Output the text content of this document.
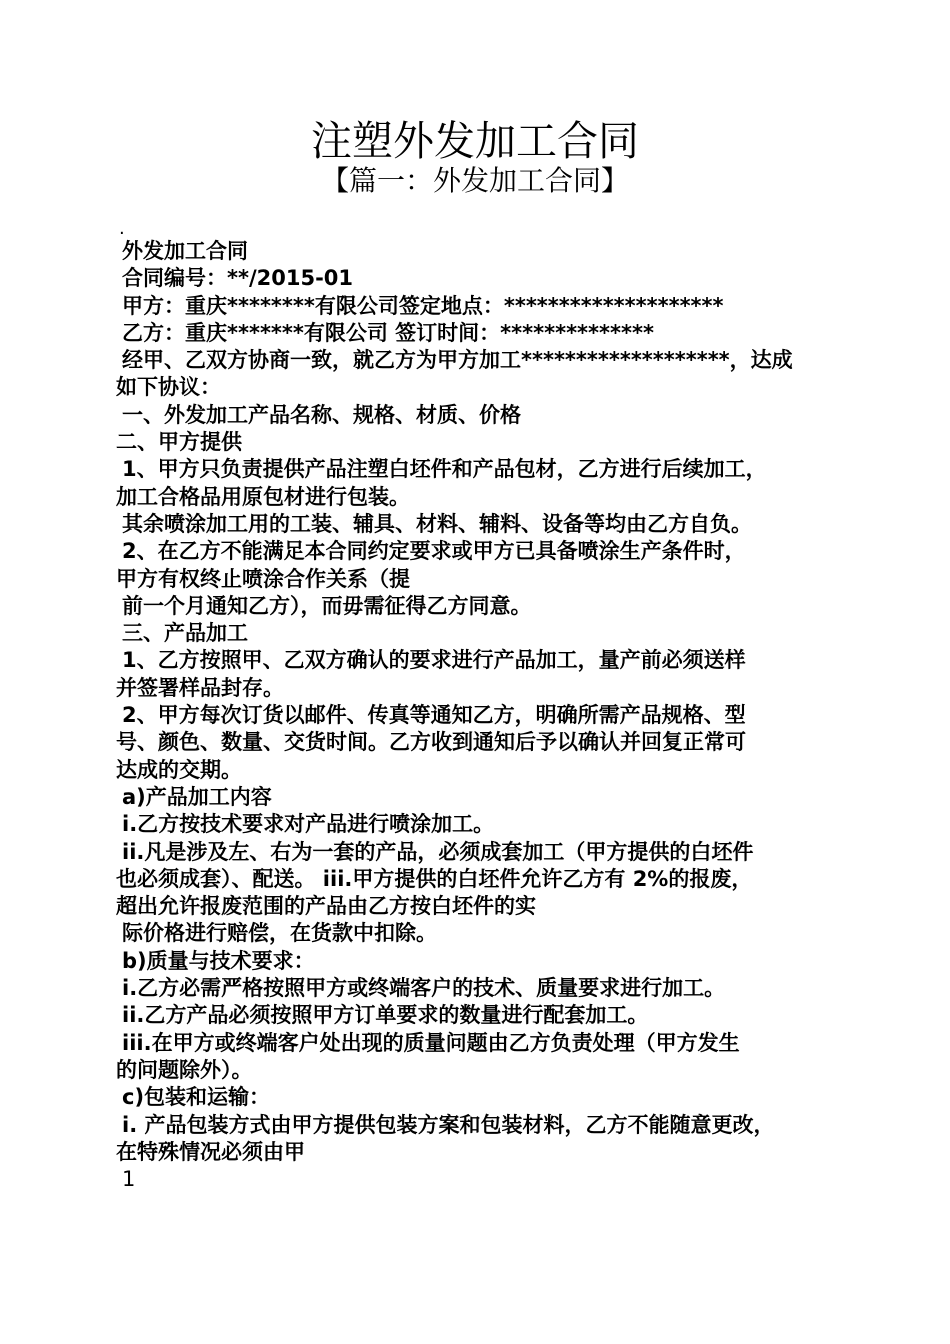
注塑外发加工合同
【篇一：外发加工合同】
.
外发加工合同
合同编号：**/2015-01
甲方：重庆********有限公司签定地点：********************
乙方：重庆*******有限公司 签订时间：**************
经甲、乙双方协商一致，就乙方为甲方加工*******************，达成
如下协议：
一、外发加工产品名称、规格、材质、价格
二、甲方提供
1、甲方只负责提供产品注塑白坯件和产品包材，乙方进行后续加工，
加工合格品用原包材进行包装。
其余喷涂加工用的工装、辅具、材料、辅料、设备等均由乙方自负。
2、在乙方不能满足本合同约定要求或甲方已具备喷涂生产条件时，
甲方有权终止喷涂合作关系（提
前一个月通知乙方），而毋需征得乙方同意。
三、产品加工
1、乙方按照甲、乙双方确认的要求进行产品加工，量产前必须送样
并签署样品封存。
2、甲方每次订货以邮件、传真等通知乙方，明确所需产品规格、型
号、颜色、数量、交货时间。乙方收到通知后予以确认并回复正常可
达成的交期。
a)产品加工内容
i.乙方按技术要求对产品进行喷涂加工。
ii.凡是涉及左、右为一套的产品，必须成套加工（甲方提供的白坯件
也必须成套）、配送。 iii.甲方提供的白坯件允许乙方有 2%的报废，
超出允许报废范围的产品由乙方按白坯件的实
际价格进行赔偿，在货款中扣除。
b)质量与技术要求：
i.乙方必需严格按照甲方或终端客户的技术、质量要求进行加工。
ii.乙方产品必须按照甲方订单要求的数量进行配套加工。
iii.在甲方或终端客户处出现的质量问题由乙方负责处理（甲方发生
的问题除外）。
c)包装和运输：
i. 产品包装方式由甲方提供包装方案和包装材料，乙方不能随意更改，
在特殊情况必须由甲
1
